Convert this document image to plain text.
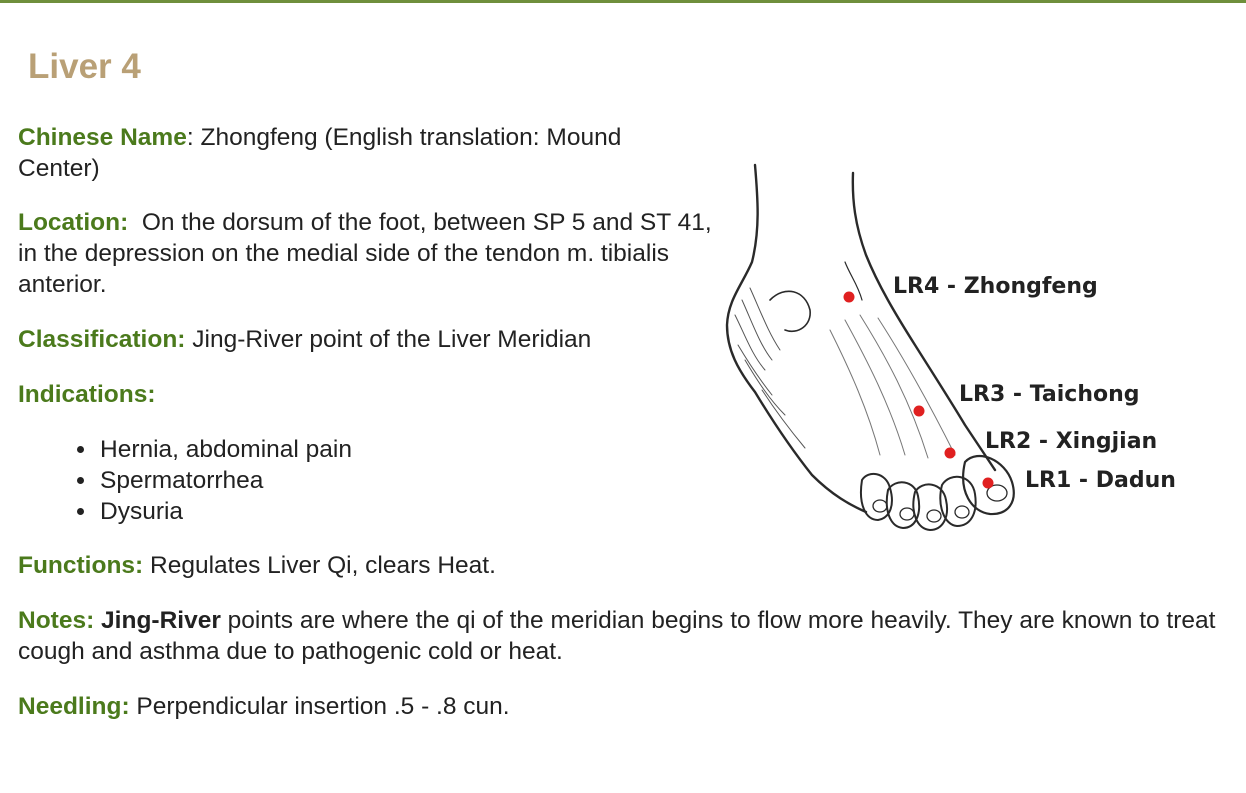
Liver 4

Chinese Name: Zhongfeng (English translation: Mound Center)

Location:  On the dorsum of the foot, between SP 5 and ST 41, in the depression on the medial side of the tendon m. tibialis anterior.

Classification: Jing-River point of the Liver Meridian

Indications:

• Hernia, abdominal pain
• Spermatorrhea
• Dysuria

Functions: Regulates Liver Qi, clears Heat.

Notes: Jing-River points are where the qi of the meridian begins to flow more heavily. They are known to treat cough and asthma due to pathogenic cold or heat.

Needling: Perpendicular insertion .5 - .8 cun.

LR4 - Zhongfeng
LR3 - Taichong
LR2 - Xingjian
LR1 - Dadun
